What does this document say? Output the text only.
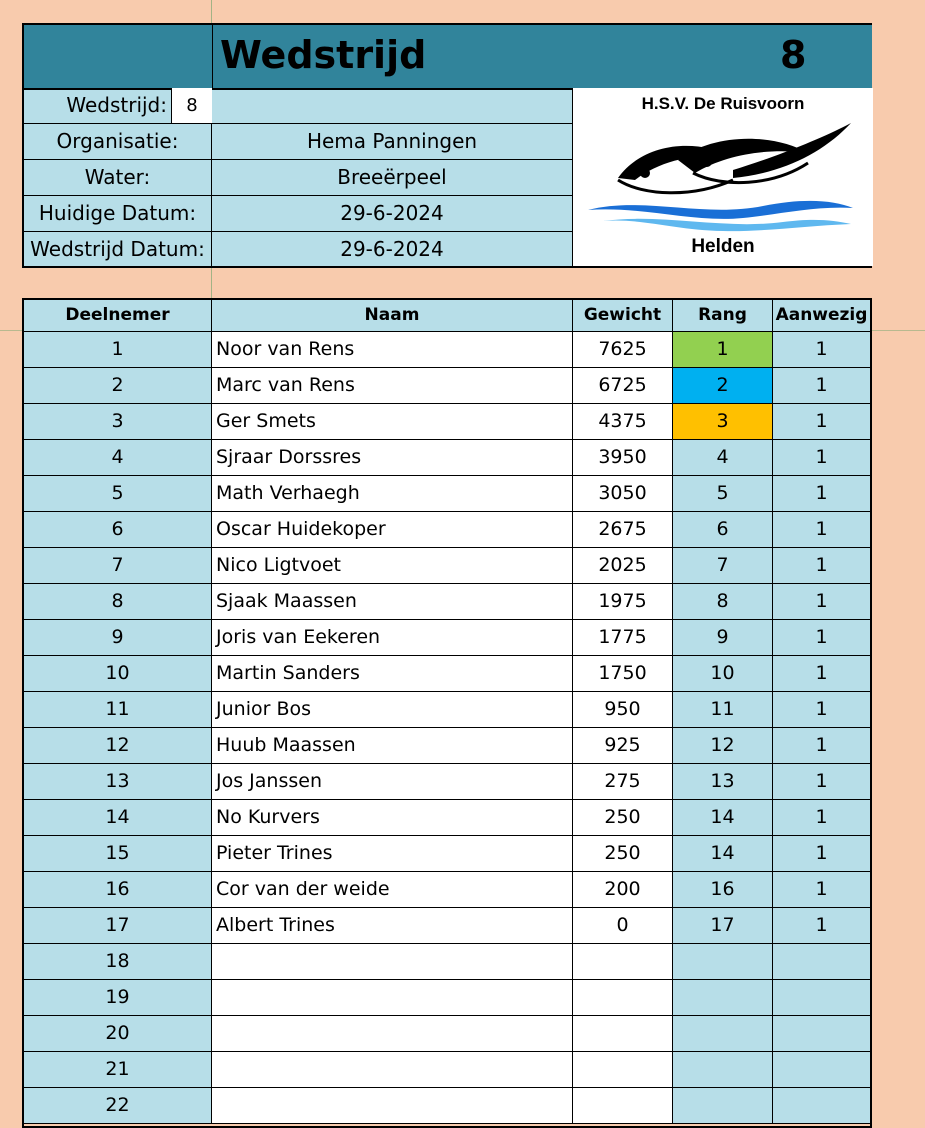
Wedstrijd	8
Wedstrijd:	8
Organisatie:	Hema Panningen
Water:	Breeërpeel
Huidige Datum:	29-6-2024
Wedstrijd Datum:	29-6-2024
H.S.V. De Ruisvoorn
Helden
Deelnemer	Naam	Gewicht	Rang	Aanwezig
1	Noor van Rens	7625	1	1
2	Marc van Rens	6725	2	1
3	Ger Smets	4375	3	1
4	Sjraar Dorssres	3950	4	1
5	Math Verhaegh	3050	5	1
6	Oscar Huidekoper	2675	6	1
7	Nico Ligtvoet	2025	7	1
8	Sjaak Maassen	1975	8	1
9	Joris van Eekeren	1775	9	1
10	Martin Sanders	1750	10	1
11	Junior Bos	950	11	1
12	Huub Maassen	925	12	1
13	Jos Janssen	275	13	1
14	No Kurvers	250	14	1
15	Pieter Trines	250	14	1
16	Cor van der weide	200	16	1
17	Albert Trines	0	17	1
18
19
20
21
22
